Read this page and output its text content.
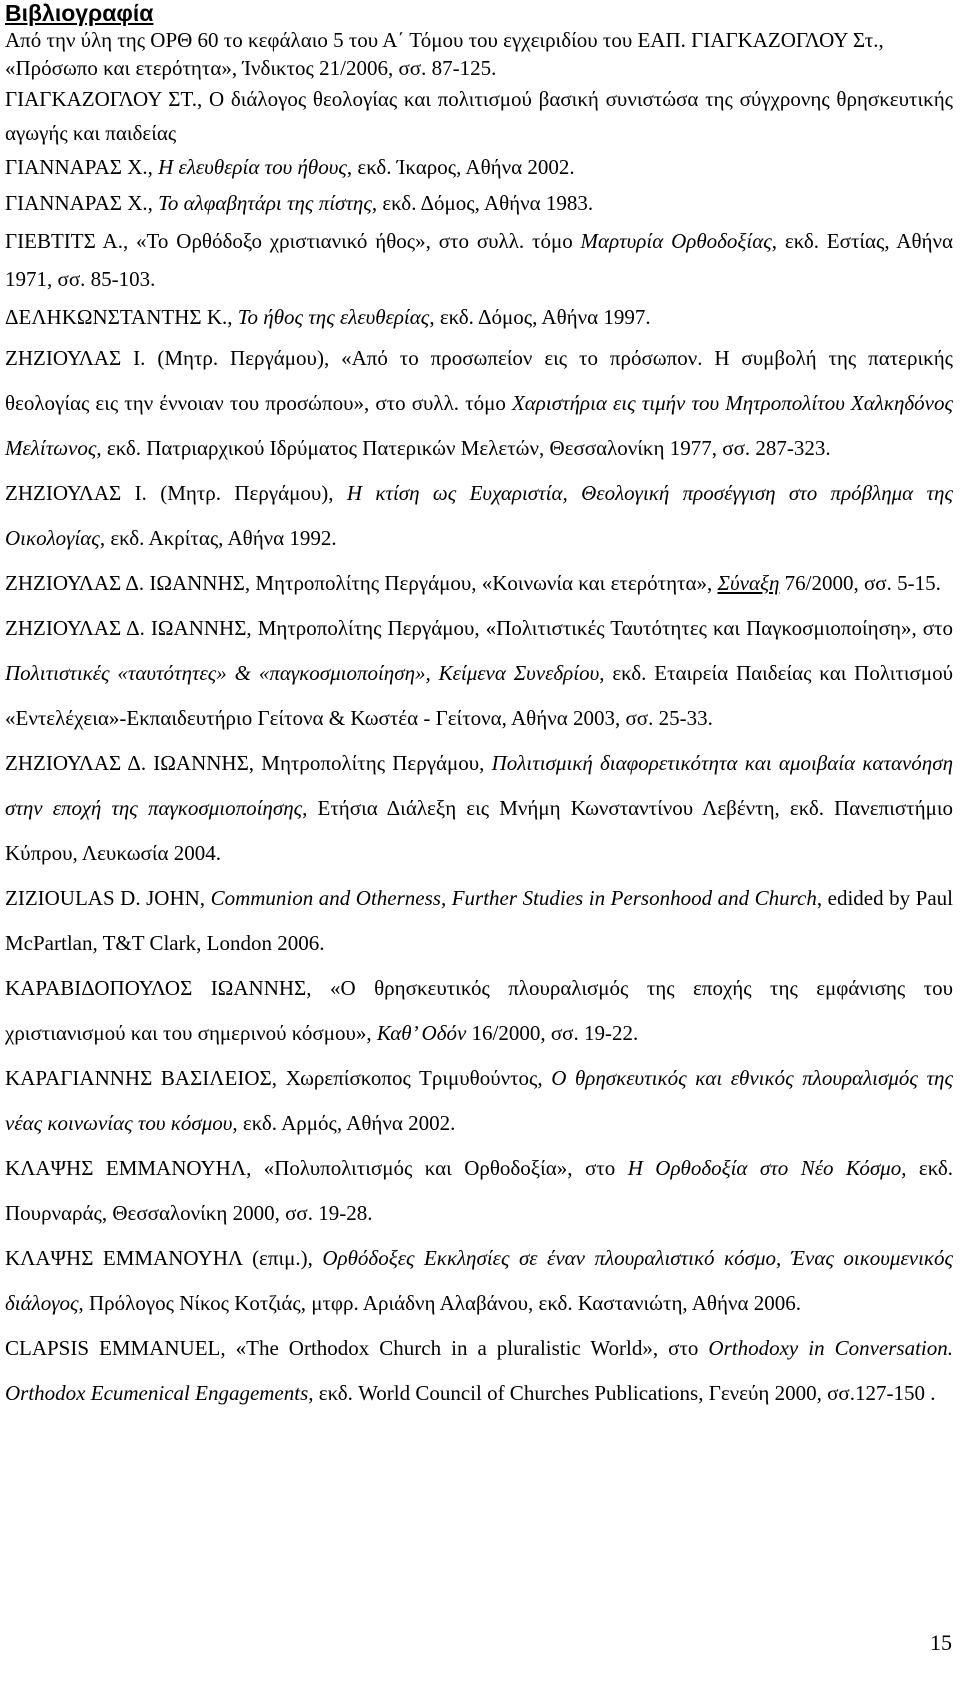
Βιβλιογραφία

Από την ύλη της ΟΡΘ 60 το κεφάλαιο 5 του Α΄ Τόμου του εγχειριδίου του ΕΑΠ. ΓΙΑΓΚΑΖΟΓΛΟΥ Στ., «Πρόσωπο και ετερότητα», Ίνδικτος 21/2006, σσ. 87-125.

ΓΙΑΓΚΑΖΟΓΛΟΥ ΣΤ., Ο διάλογος θεολογίας και πολιτισμού βασική συνιστώσα της σύγχρονης θρησκευτικής αγωγής και παιδείας

ΓΙΑΝΝΑΡΑΣ Χ., Η ελευθερία του ήθους, εκδ. Ίκαρος, Αθήνα 2002.

ΓΙΑΝΝΑΡΑΣ Χ., Το αλφαβητάρι της πίστης, εκδ. Δόμος, Αθήνα 1983.

ΓΙΕΒΤΙΤΣ Α., «Το Ορθόδοξο χριστιανικό ήθος», στο συλλ. τόμο Μαρτυρία Ορθοδοξίας, εκδ. Εστίας, Αθήνα 1971, σσ. 85-103.

ΔΕΛΗΚΩΝΣΤΑΝΤΗΣ Κ., Το ήθος της ελευθερίας, εκδ. Δόμος, Αθήνα 1997.

ΖΗΖΙΟΥΛΑΣ Ι. (Μητρ. Περγάμου), «Από το προσωπείον εις το πρόσωπον. Η συμβολή της πατερικής θεολογίας εις την έννοιαν του προσώπου», στο συλλ. τόμο Χαριστήρια εις τιμήν του Μητροπολίτου Χαλκηδόνος Μελίτωνος, εκδ. Πατριαρχικού Ιδρύματος Πατερικών Μελετών, Θεσσαλονίκη 1977, σσ. 287-323.

ΖΗΖΙΟΥΛΑΣ Ι. (Μητρ. Περγάμου), Η κτίση ως Ευχαριστία, Θεολογική προσέγγιση στο πρόβλημα της Οικολογίας, εκδ. Ακρίτας, Αθήνα 1992.

ΖΗΖΙΟΥΛΑΣ Δ. ΙΩΑΝΝΗΣ, Μητροπολίτης Περγάμου, «Κοινωνία και ετερότητα», Σύναξη 76/2000, σσ. 5-15.

ΖΗΖΙΟΥΛΑΣ Δ. ΙΩΑΝΝΗΣ, Μητροπολίτης Περγάμου, «Πολιτιστικές Ταυτότητες και Παγκοσμιοποίηση», στο Πολιτιστικές «ταυτότητες» & «παγκοσμιοποίηση», Κείμενα Συνεδρίου, εκδ. Εταιρεία Παιδείας και Πολιτισμού «Εντελέχεια»-Εκπαιδευτήριο Γείτονα & Κωστέα - Γείτονα, Αθήνα 2003, σσ. 25-33.

ΖΗΖΙΟΥΛΑΣ Δ. ΙΩΑΝΝΗΣ, Μητροπολίτης Περγάμου, Πολιτισμική διαφορετικότητα και αμοιβαία κατανόηση στην εποχή της παγκοσμιοποίησης, Ετήσια Διάλεξη εις Μνήμη Κωνσταντίνου Λεβέντη, εκδ. Πανεπιστήμιο Κύπρου, Λευκωσία 2004.

ZIZIOULAS D. JOHN, Communion and Otherness, Further Studies in Personhood and Church, edided by Paul McPartlan, T&T Clark, London 2006.

ΚΑΡΑΒΙΔΟΠΟΥΛΟΣ ΙΩΑΝΝΗΣ, «Ο θρησκευτικός πλουραλισμός της εποχής της εμφάνισης του χριστιανισμού και του σημερινού κόσμου», Καθ’ Οδόν 16/2000, σσ. 19-22.

ΚΑΡΑΓΙΑΝΝΗΣ ΒΑΣΙΛΕΙΟΣ, Χωρεπίσκοπος Τριμυθούντος, Ο θρησκευτικός και εθνικός πλουραλισμός της νέας κοινωνίας του κόσμου, εκδ. Αρμός, Αθήνα 2002.

ΚΛΑΨΗΣ ΕΜΜΑΝΟΥΗΛ, «Πολυπολιτισμός και Ορθοδοξία», στο Η Ορθοδοξία στο Νέο Κόσμο, εκδ. Πουρναράς, Θεσσαλονίκη 2000, σσ. 19-28.

ΚΛΑΨΗΣ ΕΜΜΑΝΟΥΗΛ (επιμ.), Ορθόδοξες Εκκλησίες σε έναν πλουραλιστικό κόσμο, Ένας οικουμενικός διάλογος, Πρόλογος Νίκος Κοτζιάς, μτφρ. Αριάδνη Αλαβάνου, εκδ. Καστανιώτη, Αθήνα 2006.

CLAPSIS EMMANUEL, «The Orthodox Church in a pluralistic World», στο Orthodoxy in Conversation. Orthodox Ecumenical Engagements, εκδ. World Council of Churches Publications, Γενεύη 2000, σσ.127-150 .

15
